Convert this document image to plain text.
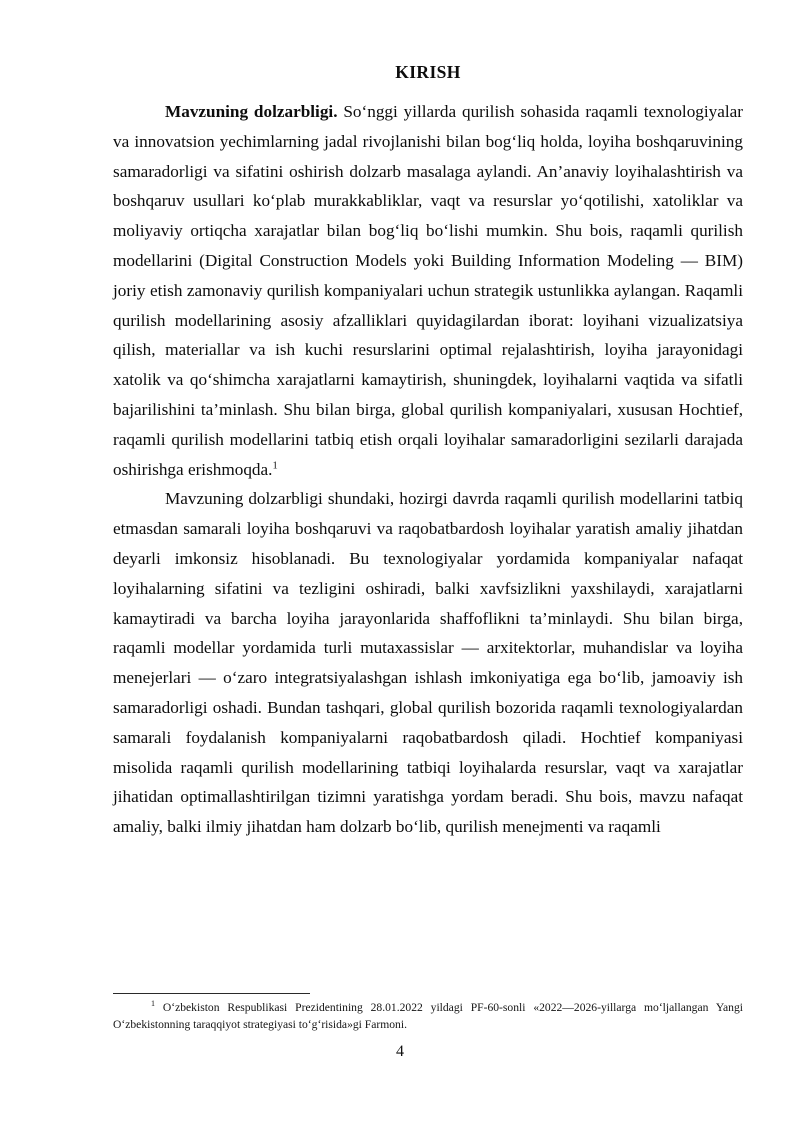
KIRISH

Mavzuning dolzarbligi. So‘nggi yillarda qurilish sohasida raqamli texnologiyalar va innovatsion yechimlarning jadal rivojlanishi bilan bog‘liq holda, loyiha boshqaruvining samaradorligi va sifatini oshirish dolzarb masalaga aylandi. An’anaviy loyihalashtirish va boshqaruv usullari ko‘plab murakkabliklar, vaqt va resurslar yo‘qotilishi, xatoliklar va moliyaviy ortiqcha xarajatlar bilan bog‘liq bo‘lishi mumkin. Shu bois, raqamli qurilish modellarini (Digital Construction Models yoki Building Information Modeling — BIM) joriy etish zamonaviy qurilish kompaniyalari uchun strategik ustunlikka aylangan. Raqamli qurilish modellarining asosiy afzalliklari quyidagilardan iborat: loyihani vizualizatsiya qilish, materiallar va ish kuchi resurslarini optimal rejalashtirish, loyiha jarayonidagi xatolik va qo‘shimcha xarajatlarni kamaytirish, shuningdek, loyihalarni vaqtida va sifatli bajarilishini ta’minlash. Shu bilan birga, global qurilish kompaniyalari, xususan Hochtief, raqamli qurilish modellarini tatbiq etish orqali loyihalar samaradorligini sezilarli darajada oshirishga erishmoqda.$^1$

Mavzuning dolzarbligi shundaki, hozirgi davrda raqamli qurilish modellarini tatbiq etmasdan samarali loyiha boshqaruvi va raqobatbardosh loyihalar yaratish amaliy jihatdan deyarli imkonsiz hisoblanadi. Bu texnologiyalar yordamida kompaniyalar nafaqat loyihalarning sifatini va tezligini oshiradi, balki xavfsizlikni yaxshilaydi, xarajatlarni kamaytiradi va barcha loyiha jarayonlarida shaffoflikni ta’minlaydi. Shu bilan birga, raqamli modellar yordamida turli mutaxassislar — arxitektorlar, muhandislar va loyiha menejerlari — o‘zaro integratsiyalashgan ishlash imkoniyatiga ega bo‘lib, jamoaviy ish samaradorligi oshadi. Bundan tashqari, global qurilish bozorida raqamli texnologiyalardan samarali foydalanish kompaniyalarni raqobatbardosh qiladi. Hochtief kompaniyasi misolida raqamli qurilish modellarining tatbiqi loyihalarda resurslar, vaqt va xarajatlar jihatidan optimallashtirilgan tizimni yaratishga yordam beradi. Shu bois, mavzu nafaqat amaliy, balki ilmiy jihatdan ham dolzarb bo‘lib, qurilish menejmenti va raqamli

$^1$ O‘zbekiston Respublikasi Prezidentining 28.01.2022 yildagi PF-60-sonli «2022—2026-yillarga mo‘ljallangan Yangi O‘zbekistonning taraqqiyot strategiyasi to‘g‘risida»gi Farmoni.

4
